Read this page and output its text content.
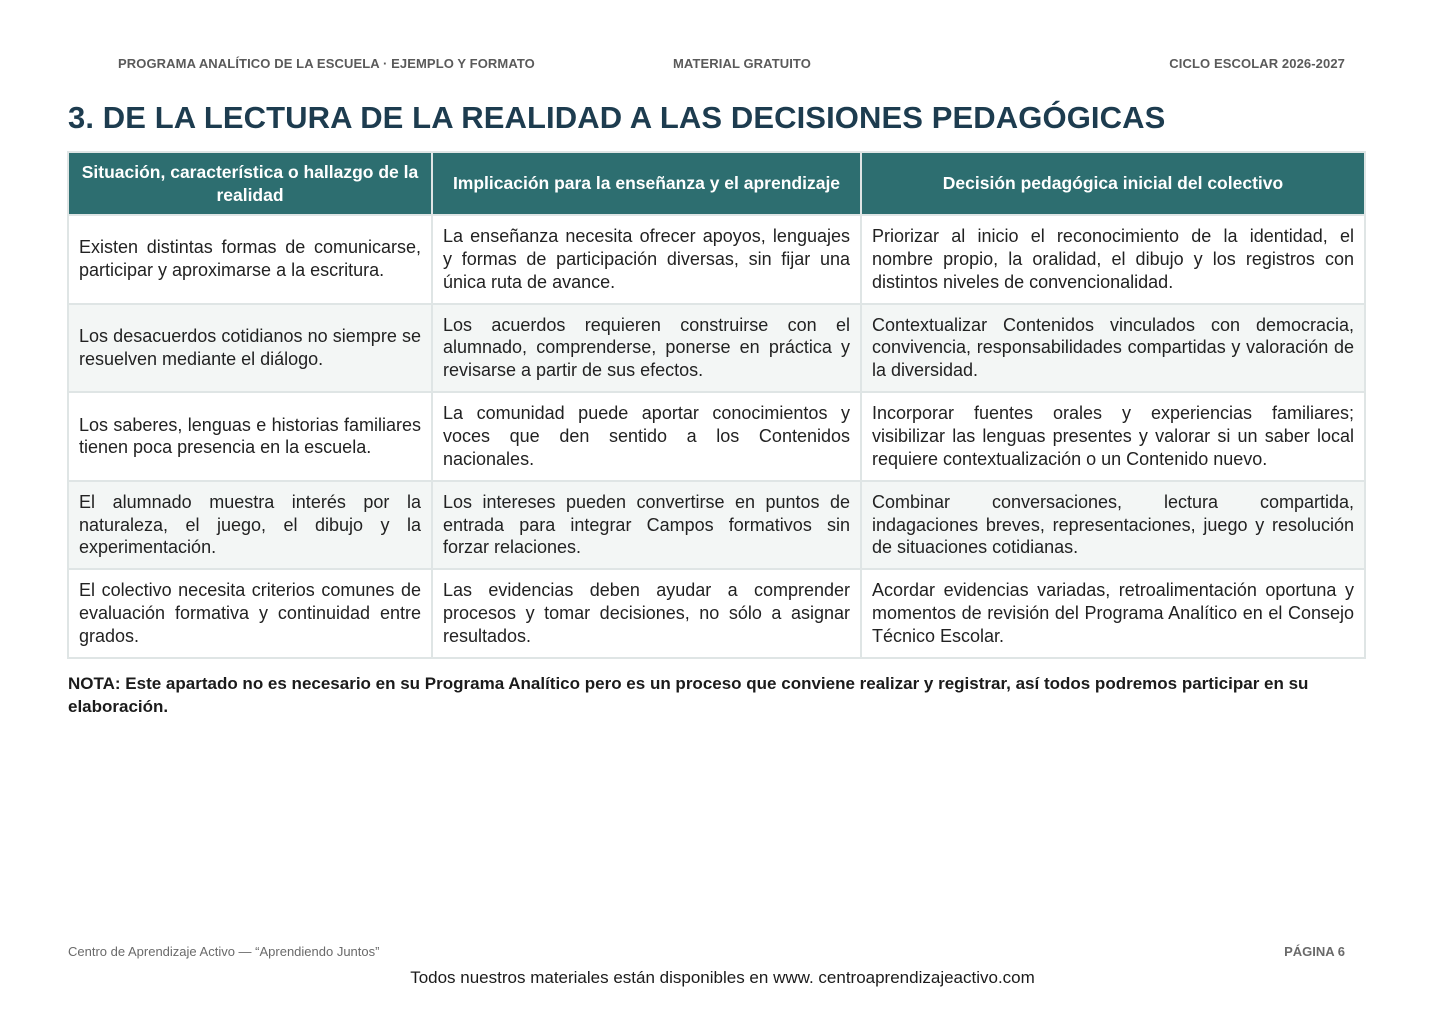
PROGRAMA ANALÍTICO DE LA ESCUELA · EJEMPLO Y FORMATO	MATERIAL GRATUITO	CICLO ESCOLAR 2026-2027
3. DE LA LECTURA DE LA REALIDAD A LAS DECISIONES PEDAGÓGICAS
Situación, característica o hallazgo de la realidad	Implicación para la enseñanza y el aprendizaje	Decisión pedagógica inicial del colectivo
Existen distintas formas de comunicarse, participar y aproximarse a la escritura.	La enseñanza necesita ofrecer apoyos, lenguajes y formas de participación diversas, sin fijar una única ruta de avance.	Priorizar al inicio el reconocimiento de la identidad, el nombre propio, la oralidad, el dibujo y los registros con distintos niveles de convencionalidad.
Los desacuerdos cotidianos no siempre se resuelven mediante el diálogo.	Los acuerdos requieren construirse con el alumnado, comprenderse, ponerse en práctica y revisarse a partir de sus efectos.	Contextualizar Contenidos vinculados con democracia, convivencia, responsabilidades compartidas y valoración de la diversidad.
Los saberes, lenguas e historias familiares tienen poca presencia en la escuela.	La comunidad puede aportar conocimientos y voces que den sentido a los Contenidos nacionales.	Incorporar fuentes orales y experiencias familiares; visibilizar las lenguas presentes y valorar si un saber local requiere contextualización o un Contenido nuevo.
El alumnado muestra interés por la naturaleza, el juego, el dibujo y la experimentación.	Los intereses pueden convertirse en puntos de entrada para integrar Campos formativos sin forzar relaciones.	Combinar conversaciones, lectura compartida, indagaciones breves, representaciones, juego y resolución de situaciones cotidianas.
El colectivo necesita criterios comunes de evaluación formativa y continuidad entre grados.	Las evidencias deben ayudar a comprender procesos y tomar decisiones, no sólo a asignar resultados.	Acordar evidencias variadas, retroalimentación oportuna y momentos de revisión del Programa Analítico en el Consejo Técnico Escolar.

NOTA: Este apartado no es necesario en su Programa Analítico pero es un proceso que conviene realizar y registrar, así todos podremos participar en su elaboración.

Centro de Aprendizaje Activo — “Aprendiendo Juntos”	PÁGINA 6
Todos nuestros materiales están disponibles en www. centroaprendizajeactivo.com
